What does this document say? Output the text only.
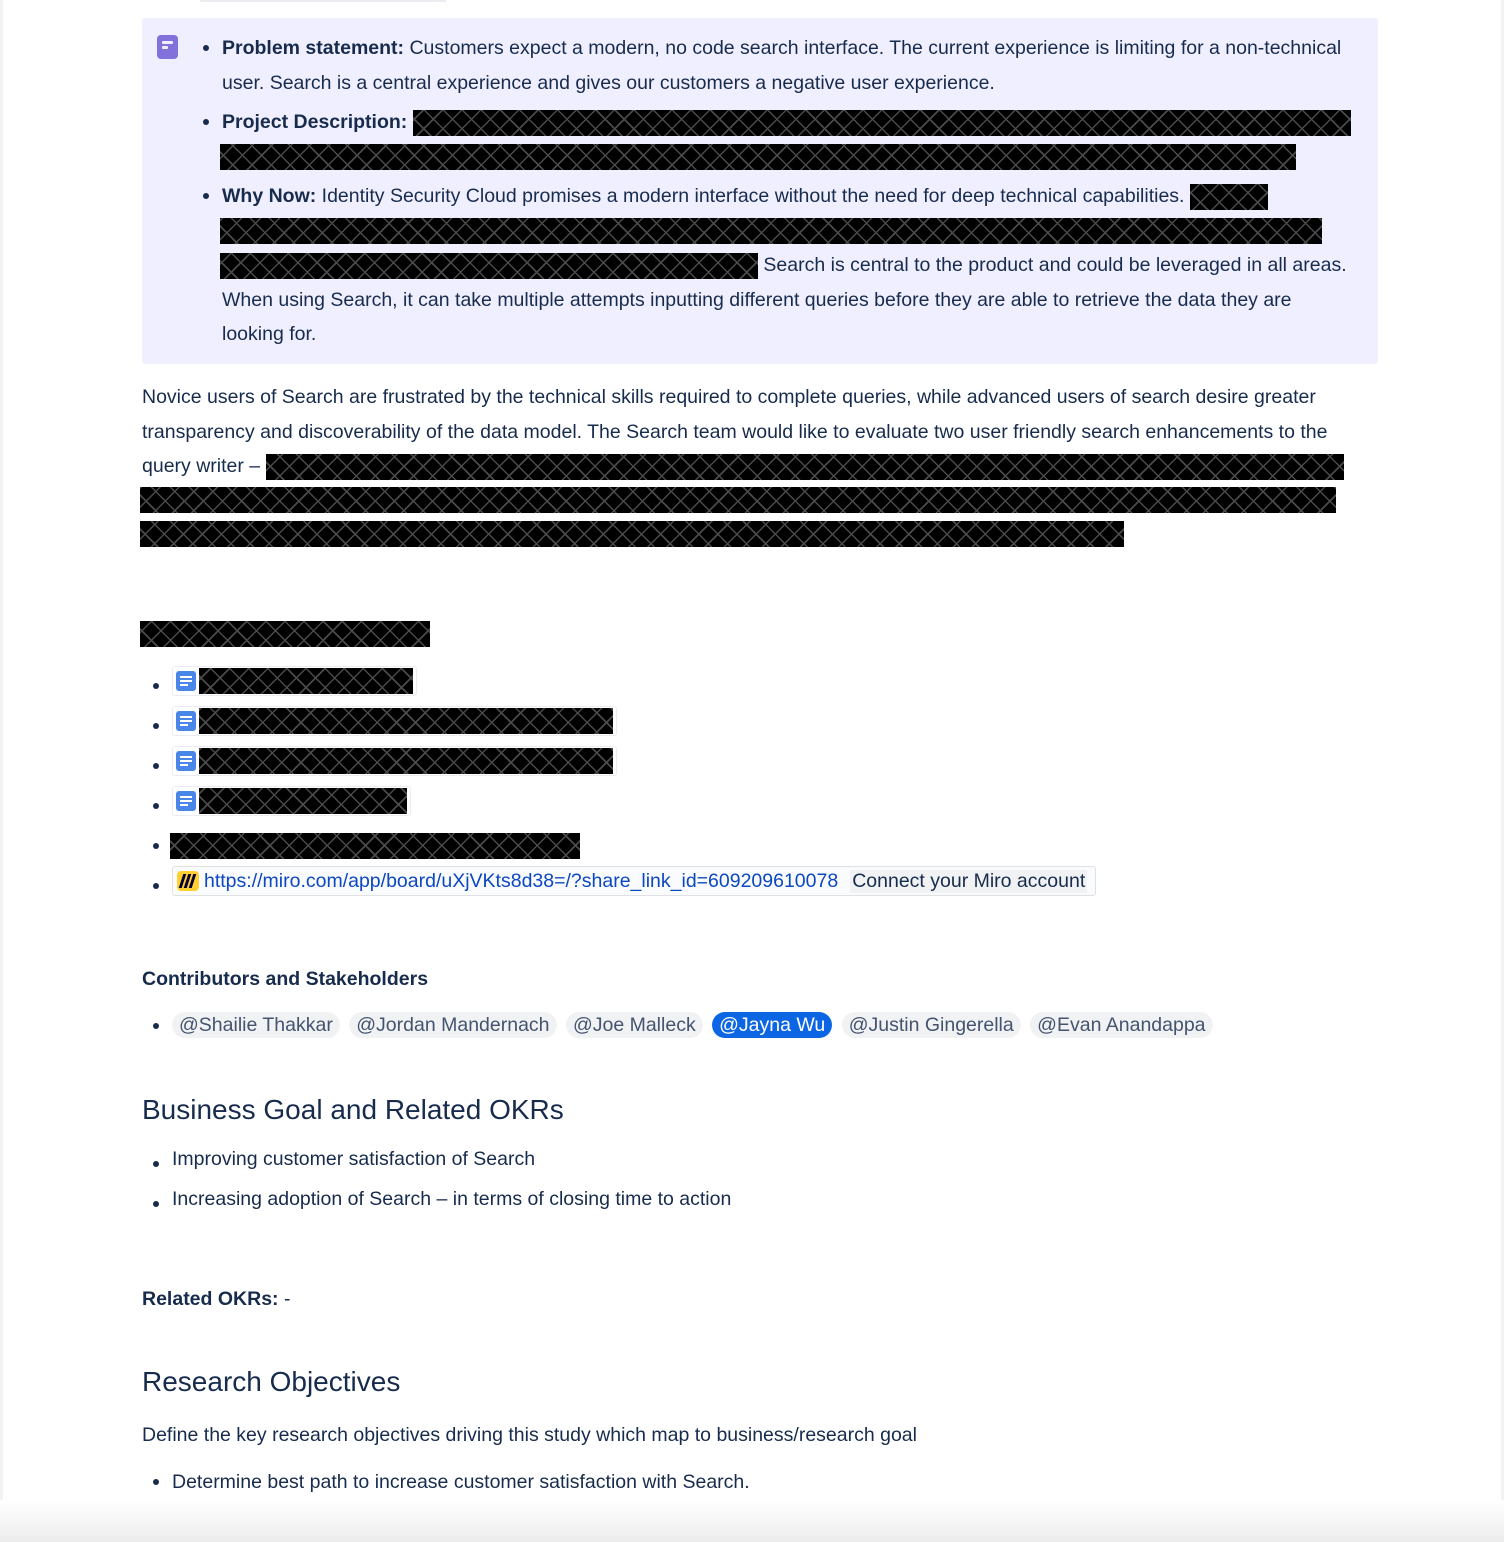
Problem statement: Customers expect a modern, no code search interface. The current experience is limiting for a non-technical user. Search is a central experience and gives our customers a negative user experience.
Project Description:

Why Now: Identity Security Cloud promises a modern interface without the need for deep technical capabilities.

Search is central to the product and could be leveraged in all areas. When using Search, it can take multiple attempts inputting different queries before they are able to retrieve the data they are looking for.

Novice users of Search are frustrated by the technical skills required to complete queries, while advanced users of search desire greater transparency and discoverability of the data model. The Search team would like to evaluate two user friendly search enhancements to the query writer –

https://miro.com/app/board/uXjVKts8d38=/?share_link_id=609209610078 Connect your Miro account
Contributors and Stakeholders
@Shailie Thakkar @Jordan Mandernach @Joe Malleck @Jayna Wu @Justin Gingerella @Evan Anandappa
Business Goal and Related OKRs
Improving customer satisfaction of Search
Increasing adoption of Search – in terms of closing time to action
Related OKRs: -
Research Objectives
Define the key research objectives driving this study which map to business/research goal
Determine best path to increase customer satisfaction with Search.
